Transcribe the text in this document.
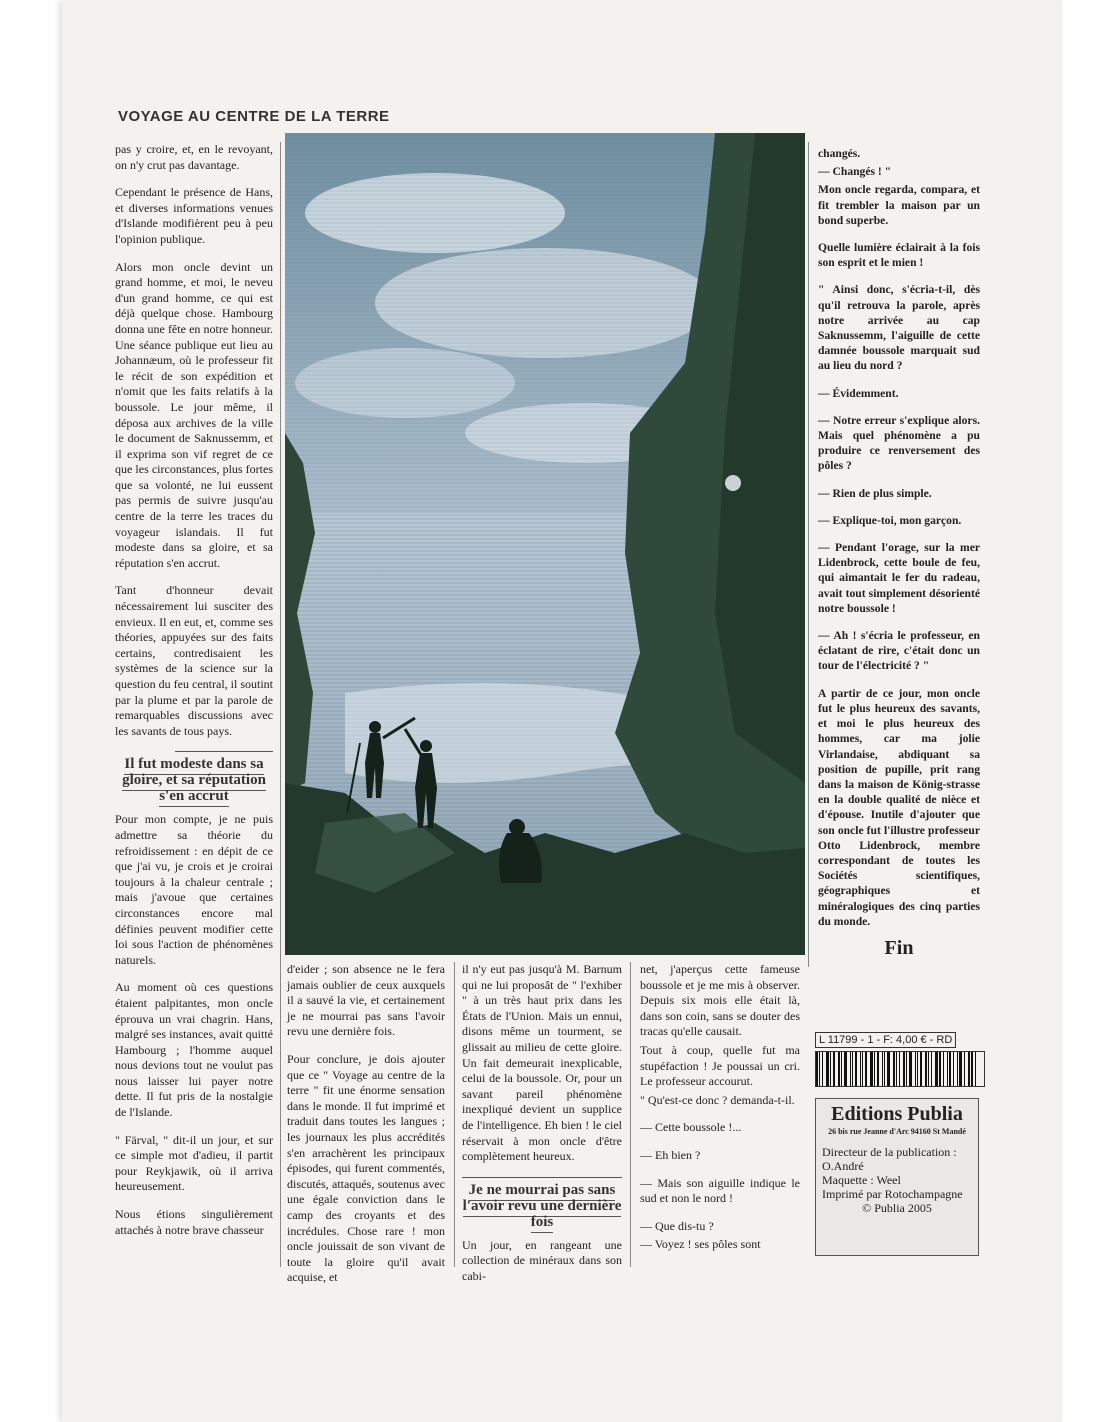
VOYAGE AU CENTRE DE LA TERRE

pas y croire, et, en le revoyant, on n'y crut pas davantage.

Cependant le présence de Hans, et diverses informations venues d'Islande modifièrent peu à peu l'opinion publique.

Alors mon oncle devint un grand homme, et moi, le neveu d'un grand homme, ce qui est déjà quelque chose. Hambourg donna une fête en notre honneur. Une séance publique eut lieu au Johannæum, où le professeur fit le récit de son expédition et n'omit que les faits relatifs à la boussole. Le jour même, il déposa aux archives de la ville le document de Saknussemm, et il exprima son vif regret de ce que les circonstances, plus fortes que sa volonté, ne lui eussent pas permis de suivre jusqu'au centre de la terre les traces du voyageur islandais. Il fut modeste dans sa gloire, et sa réputation s'en accrut.

Tant d'honneur devait nécessairement lui susciter des envieux. Il en eut, et, comme ses théories, appuyées sur des faits certains, contredisaient les systèmes de la science sur la question du feu central, il soutint par la plume et par la parole de remarquables discussions avec les savants de tous pays.

Il fut modeste dans sa gloire, et sa réputation s'en accrut

Pour mon compte, je ne puis admettre sa théorie du refroidissement : en dépit de ce que j'ai vu, je crois et je croirai toujours à la chaleur centrale ; mais j'avoue que certaines circonstances encore mal définies peuvent modifier cette loi sous l'action de phénomènes naturels.

Au moment où ces questions étaient palpitantes, mon oncle éprouva un vrai chagrin. Hans, malgré ses instances, avait quitté Hambourg ; l'homme auquel nous devions tout ne voulut pas nous laisser lui payer notre dette. Il fut pris de la nostalgie de l'Islande.

" Färval, " dit-il un jour, et sur ce simple mot d'adieu, il partit pour Reykjawik, où il arriva heureusement.

Nous étions singulièrement attachés à notre brave chasseur

d'eider ; son absence ne le fera jamais oublier de ceux auxquels il a sauvé la vie, et certainement je ne mourrai pas sans l'avoir revu une dernière fois.

Pour conclure, je dois ajouter que ce " Voyage au centre de la terre " fit une énorme sensation dans le monde. Il fut imprimé et traduit dans toutes les langues ; les journaux les plus accrédités s'en arrachèrent les principaux épisodes, qui furent commentés, discutés, attaqués, soutenus avec une égale conviction dans le camp des croyants et des incrédules. Chose rare ! mon oncle jouissait de son vivant de toute la gloire qu'il avait acquise, et

il n'y eut pas jusqu'à M. Barnum qui ne lui proposât de " l'exhiber " à un très haut prix dans les États de l'Union. Mais un ennui, disons même un tourment, se glissait au milieu de cette gloire. Un fait demeurait inexplicable, celui de la boussole. Or, pour un savant pareil phénomène inexpliqué devient un supplice de l'intelligence. Eh bien ! le ciel réservait à mon oncle d'être complètement heureux.

Je ne mourrai pas sans l'avoir revu une dernière fois

Un jour, en rangeant une collection de minéraux dans son cabi-

net, j'aperçus cette fameuse boussole et je me mis à observer. Depuis six mois elle était là, dans son coin, sans se douter des tracas qu'elle causait.

Tout à coup, quelle fut ma stupéfaction ! Je poussai un cri. Le professeur accourut.

" Qu'est-ce donc ? demanda-t-il.

— Cette boussole !...

— Eh bien ?

— Mais son aiguille indique le sud et non le nord !

— Que dis-tu ?

— Voyez ! ses pôles sont

changés.

— Changés ! "

Mon oncle regarda, compara, et fit trembler la maison par un bond superbe.

Quelle lumière éclairait à la fois son esprit et le mien !

" Ainsi donc, s'écria-t-il, dès qu'il retrouva la parole, après notre arrivée au cap Saknussemm, l'aiguille de cette damnée boussole marquait sud au lieu du nord ?

— Évidemment.

— Notre erreur s'explique alors. Mais quel phénomène a pu produire ce renversement des pôles ?

— Rien de plus simple.

— Explique-toi, mon garçon.

— Pendant l'orage, sur la mer Lidenbrock, cette boule de feu, qui aimantait le fer du radeau, avait tout simplement désorienté notre boussole !

— Ah ! s'écria le professeur, en éclatant de rire, c'était donc un tour de l'électricité ? "

A partir de ce jour, mon oncle fut le plus heureux des savants, et moi le plus heureux des hommes, car ma jolie Virlandaise, abdiquant sa position de pupille, prit rang dans la maison de König-strasse en la double qualité de nièce et d'épouse. Inutile d'ajouter que son oncle fut l'illustre professeur Otto Lidenbrock, membre correspondant de toutes les Sociétés scientifiques, géographiques et minéralogiques des cinq parties du monde.

Fin
L 11799 - 1 - F: 4,00 € - RD
Editions Publia
26 bis rue Jeanne d'Arc 94160 St Mandé
Directeur de la publication :
O.André
Maquette : Weel
Imprimé par Rotochampagne
© Publia 2005
